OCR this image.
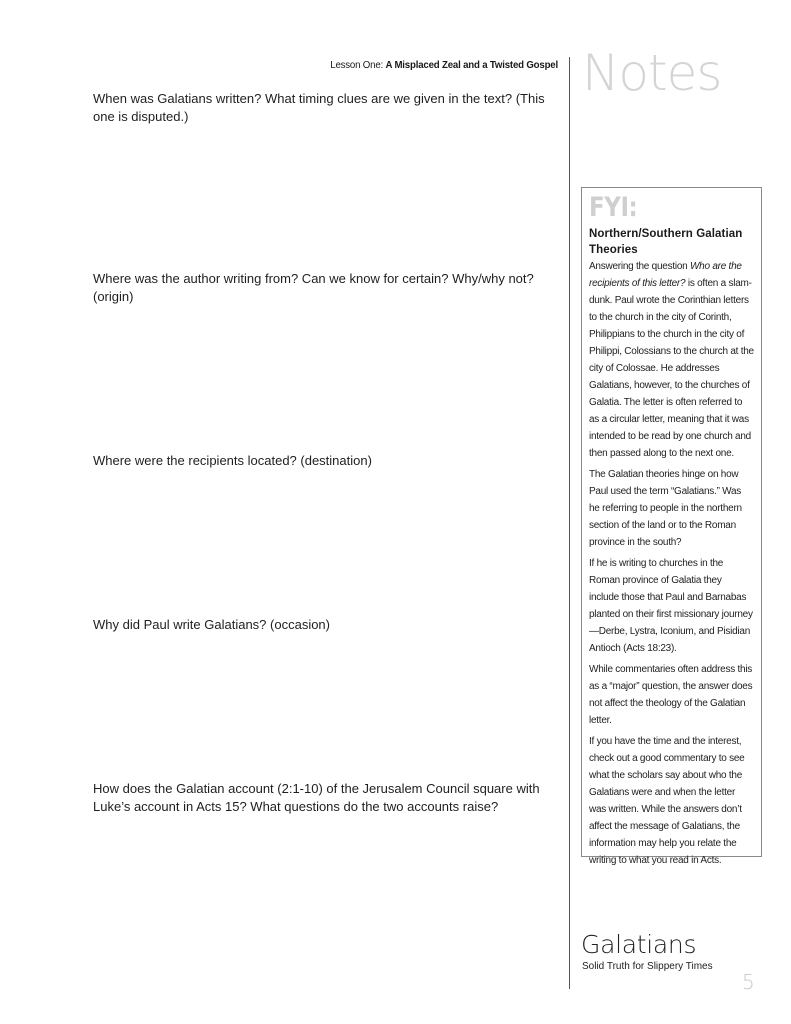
Lesson One: A Misplaced Zeal and a Twisted Gospel Notes
When was Galatians written? What timing clues are we given in the text? (This one is disputed.)
Where was the author writing from? Can we know for certain? Why/why not? (origin)
Where were the recipients located? (destination)
Why did Paul write Galatians? (occasion)
How does the Galatian account (2:1-10) of the Jerusalem Council square with Luke’s account in Acts 15? What questions do the two accounts raise?
FYI:
Northern/Southern Galatian Theories

Answering the question Who are the recipients of this letter? is often a slam-dunk. Paul wrote the Corinthian letters to the church in the city of Corinth, Philippians to the church in the city of Philippi, Colossians to the church at the city of Colossae. He addresses Galatians, however, to the churches of Galatia. The letter is often referred to as a circular letter, meaning that it was intended to be read by one church and then passed along to the next one.

The Galatian theories hinge on how Paul used the term “Galatians.” Was he referring to people in the northern section of the land or to the Roman province in the south?

If he is writing to churches in the Roman province of Galatia they include those that Paul and Barnabas planted on their first missionary journey—Derbe, Lystra, Iconium, and Pisidian Antioch (Acts 18:23).

While commentaries often address this as a “major” question, the answer does not affect the theology of the Galatian letter.

If you have the time and the interest, check out a good commentary to see what the scholars say about who the Galatians were and when the letter was written. While the answers don’t affect the message of Galatians, the information may help you relate the writing to what you read in Acts.

Galatians
Solid Truth for Slippery Times
5
